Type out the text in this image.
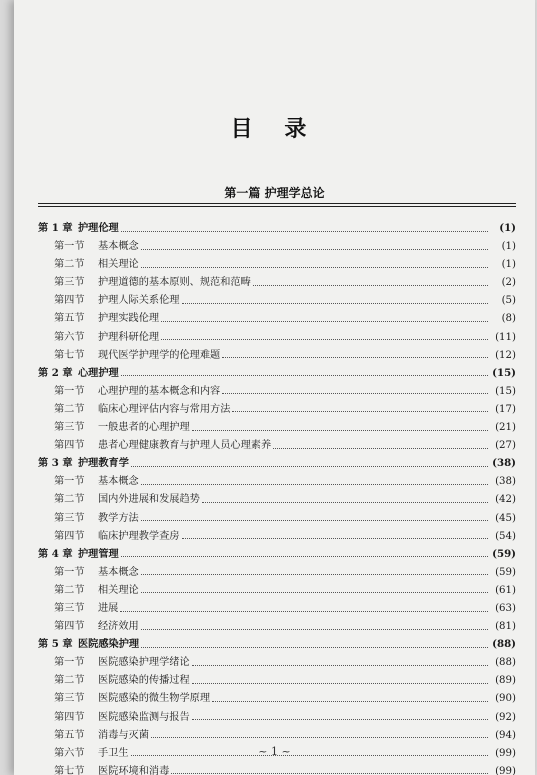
目 录
第一篇 护理学总论
第 1 章 护理伦理	(1)
第一节	基本概念	(1)
第二节	相关理论	(1)
第三节	护理道德的基本原则、规范和范畴	(2)
第四节	护理人际关系伦理	(5)
第五节	护理实践伦理	(8)
第六节	护理科研伦理	(11)
第七节	现代医学护理学的伦理难题	(12)
第 2 章 心理护理	(15)
第一节	心理护理的基本概念和内容	(15)
第二节	临床心理评估内容与常用方法	(17)
第三节	一般患者的心理护理	(21)
第四节	患者心理健康教育与护理人员心理素养	(27)
第 3 章 护理教育学	(38)
第一节	基本概念	(38)
第二节	国内外进展和发展趋势	(42)
第三节	教学方法	(45)
第四节	临床护理教学查房	(54)
第 4 章 护理管理	(59)
第一节	基本概念	(59)
第二节	相关理论	(61)
第三节	进展	(63)
第四节	经济效用	(81)
第 5 章 医院感染护理	(88)
第一节	医院感染护理学绪论	(88)
第二节	医院感染的传播过程	(89)
第三节	医院感染的微生物学原理	(90)
第四节	医院感染监测与报告	(92)
第五节	消毒与灭菌	(94)
第六节	手卫生	(99)
第七节	医院环境和消毒	(99)
~ 1 ~
